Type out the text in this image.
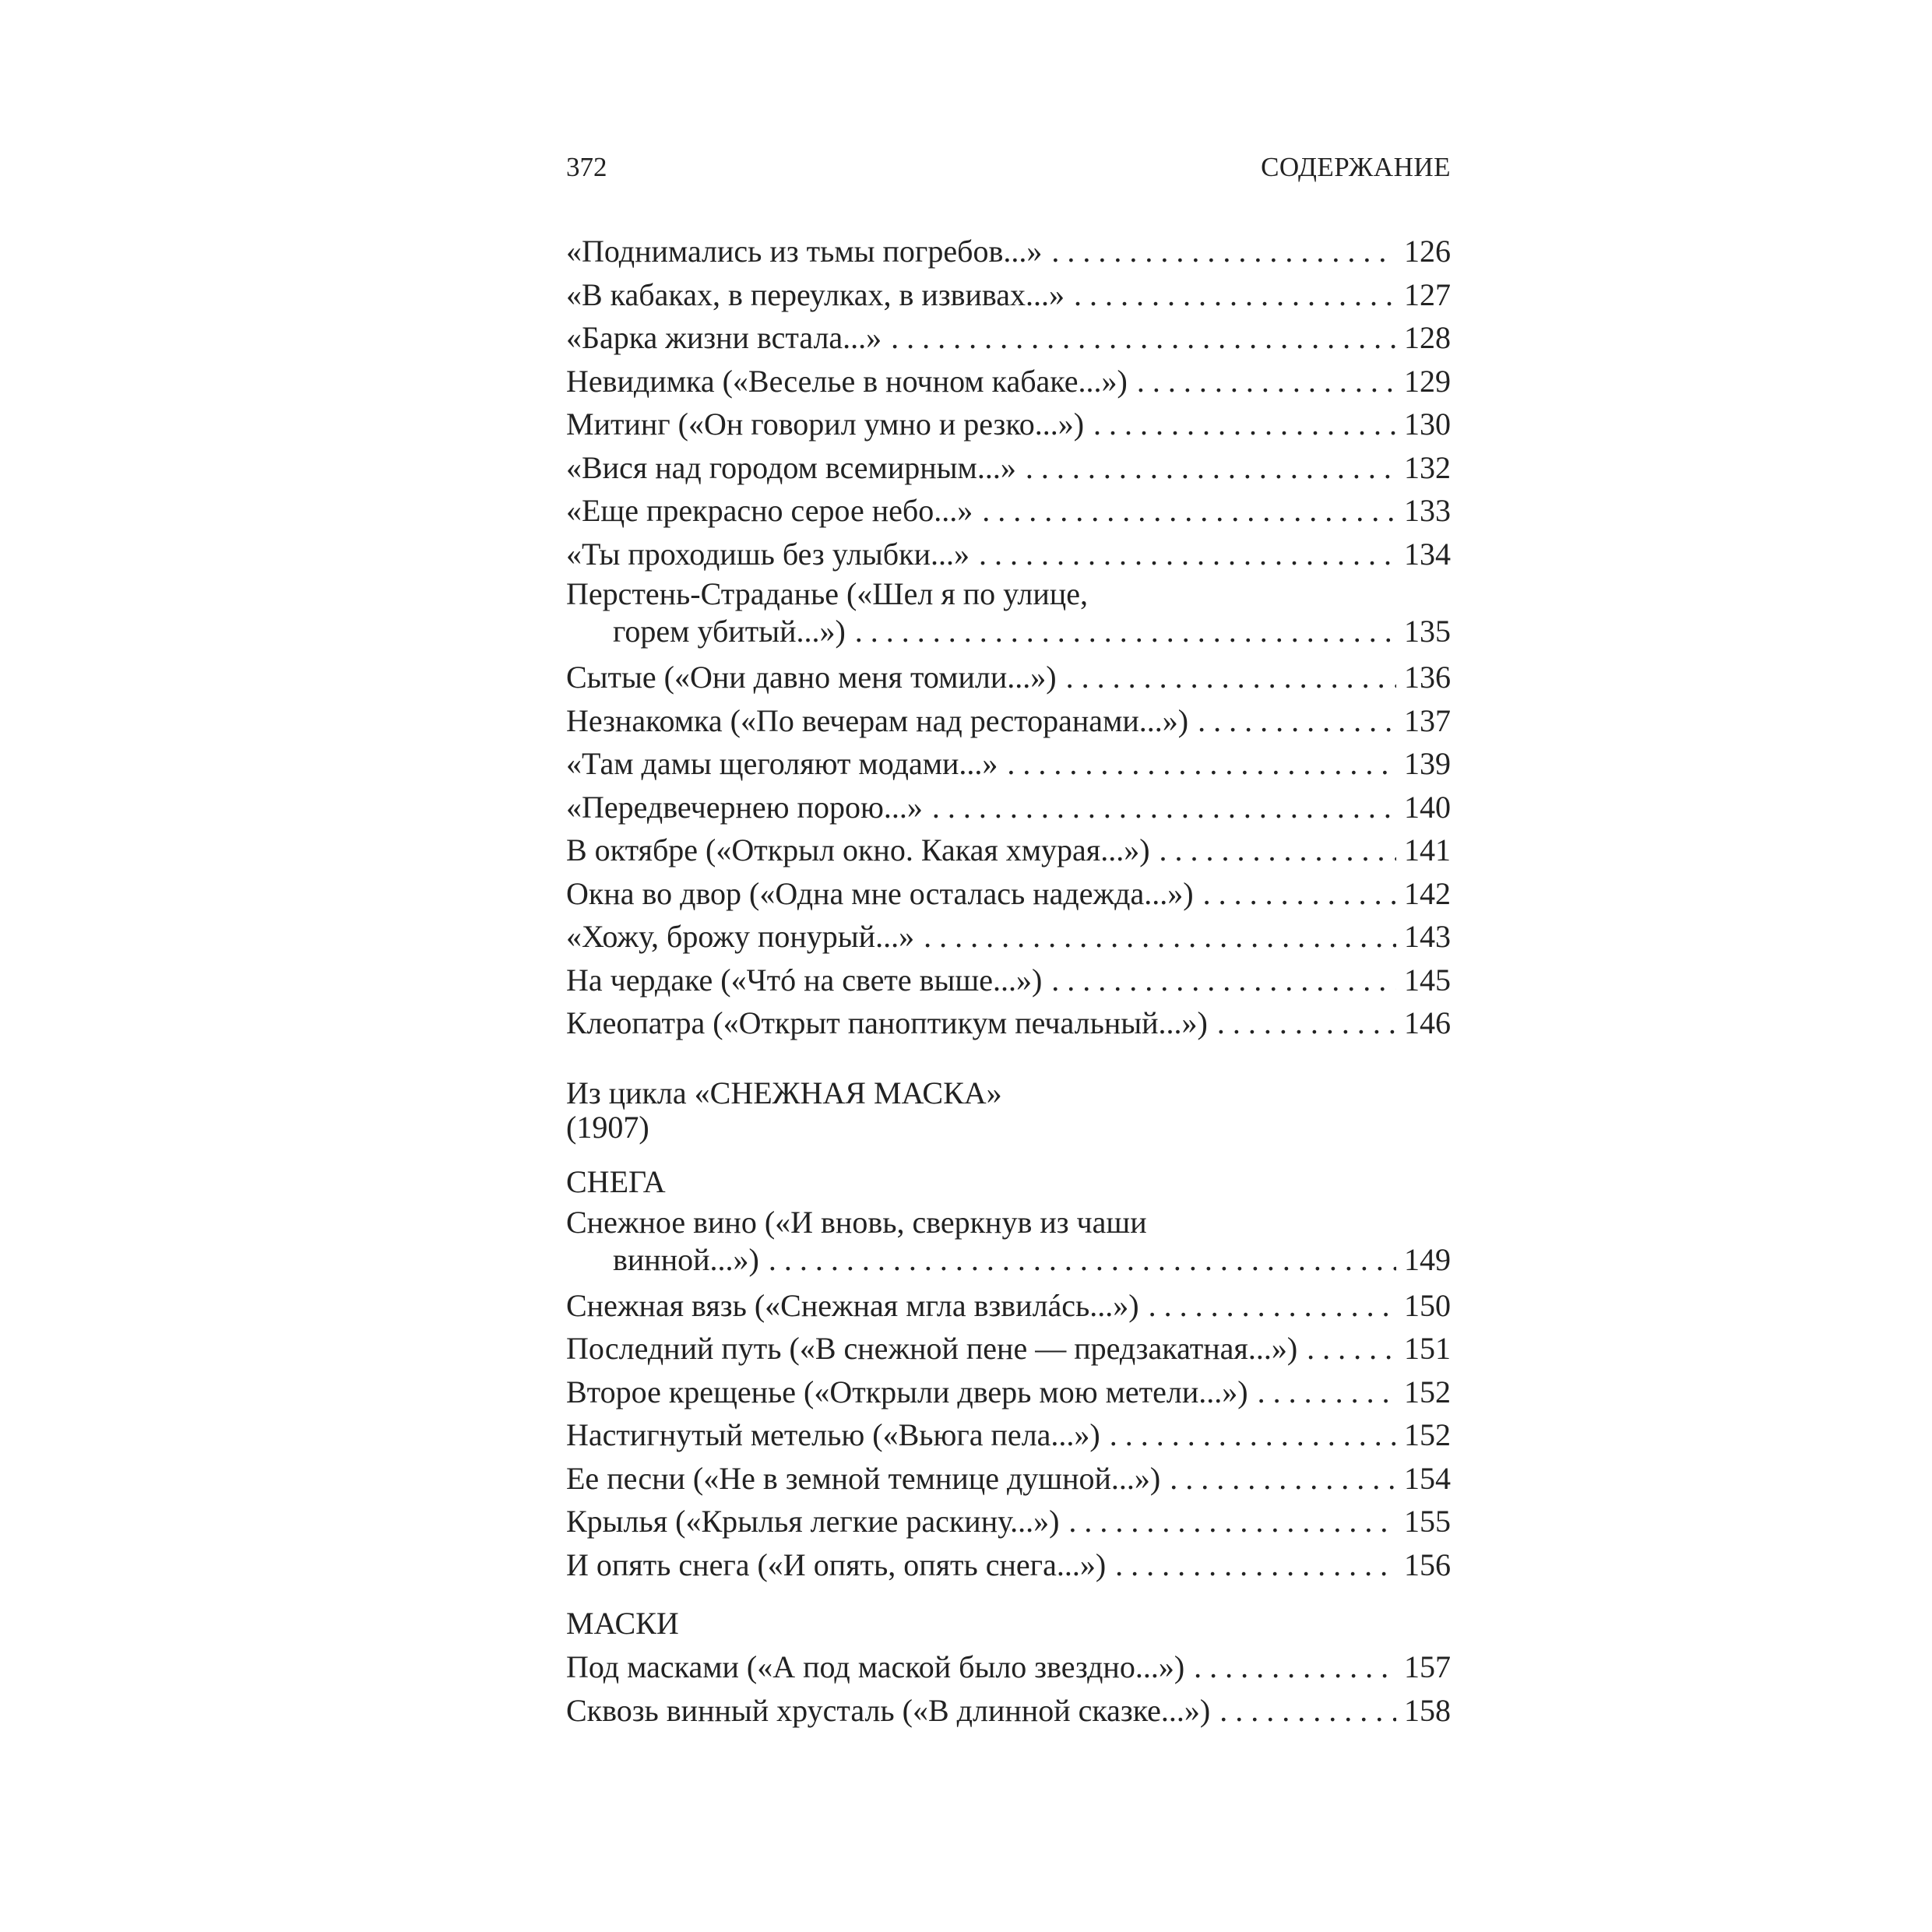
372	СОДЕРЖАНИЕ
«Поднимались из тьмы погребов...» . . .	126
«В кабаках, в переулках, в извивах...» . . .	127
«Барка жизни встала...» . . .	128
Невидимка («Веселье в ночном кабаке...») . . .	129
Митинг («Он говорил умно и резко...») . . .	130
«Вися над городом всемирным...» . . .	132
«Еще прекрасно серое небо...» . . .	133
«Ты проходишь без улыбки...» . . .	134
Перстень-Страданье («Шел я по улице,
горем убитый...») . . .	135
Сытые («Они давно меня томили...») . . .	136
Незнакомка («По вечерам над ресторанами...») . . .	137
«Там дамы щеголяют модами...» . . .	139
«Передвечернею порою...» . . .	140
В октябре («Открыл окно. Какая хмурая...») . . .	141
Окна во двор («Одна мне осталась надежда...») . . .	142
«Хожу, брожу понурый...» . . .	143
На чердаке («Чтó на свете выше...») . . .	145
Клеопатра («Открыт паноптикум печальный...») . . .	146
Из цикла «СНЕЖНАЯ МАСКА»
(1907)
СНЕГА
Снежное вино («И вновь, сверкнув из чаши
винной...») . . .	149
Снежная вязь («Снежная мгла взвилáсь...») . . .	150
Последний путь («В снежной пене — предзакатная...») . . .	151
Второе крещенье («Открыли дверь мою метели...») . . .	152
Настигнутый метелью («Вьюга пела...») . . .	152
Ее песни («Не в земной темнице душной...») . . .	154
Крылья («Крылья легкие раскину...») . . .	155
И опять снега («И опять, опять снега...») . . .	156
МАСКИ
Под масками («А под маской было звездно...») . . .	157
Сквозь винный хрусталь («В длинной сказке...») . . .	158
